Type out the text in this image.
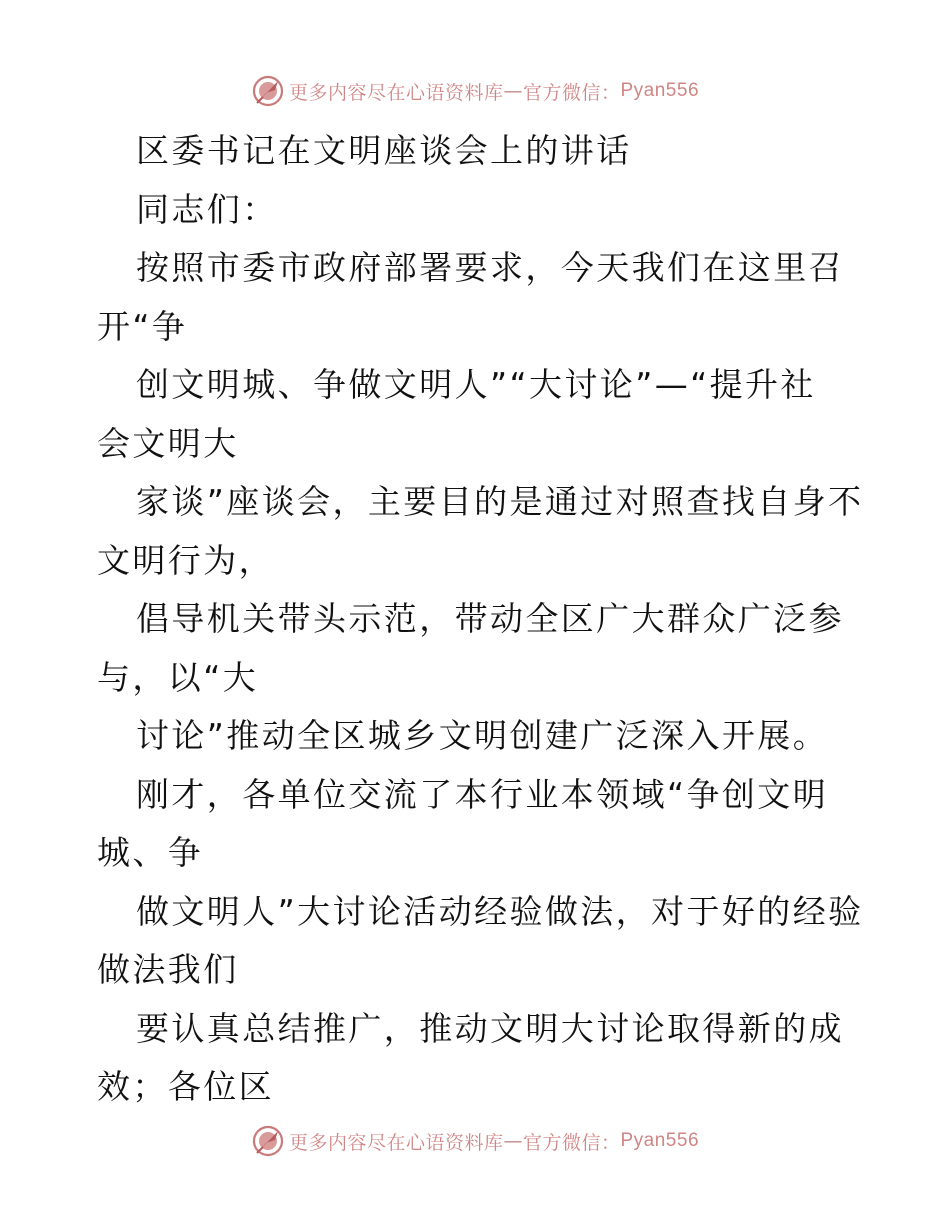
更多内容尽在心语资料库 — 官方微信： Pyan556
区委书记在文明座谈会上的讲话
同志们：
按照市委市政府部署要求，今天我们在这里召
开“争
创文明城、争做文明人”“大讨论”—“提升社
会文明大
家谈”座谈会，主要目的是通过对照查找自身不
文明行为，
倡导机关带头示范，带动全区广大群众广泛参
与，以“大
讨论”推动全区城乡文明创建广泛深入开展。
刚才，各单位交流了本行业本领域“争创文明
城、争
做文明人”大讨论活动经验做法，对于好的经验
做法我们
要认真总结推广，推动文明大讨论取得新的成
效；各位区
更多内容尽在心语资料库 — 官方微信： Pyan556
